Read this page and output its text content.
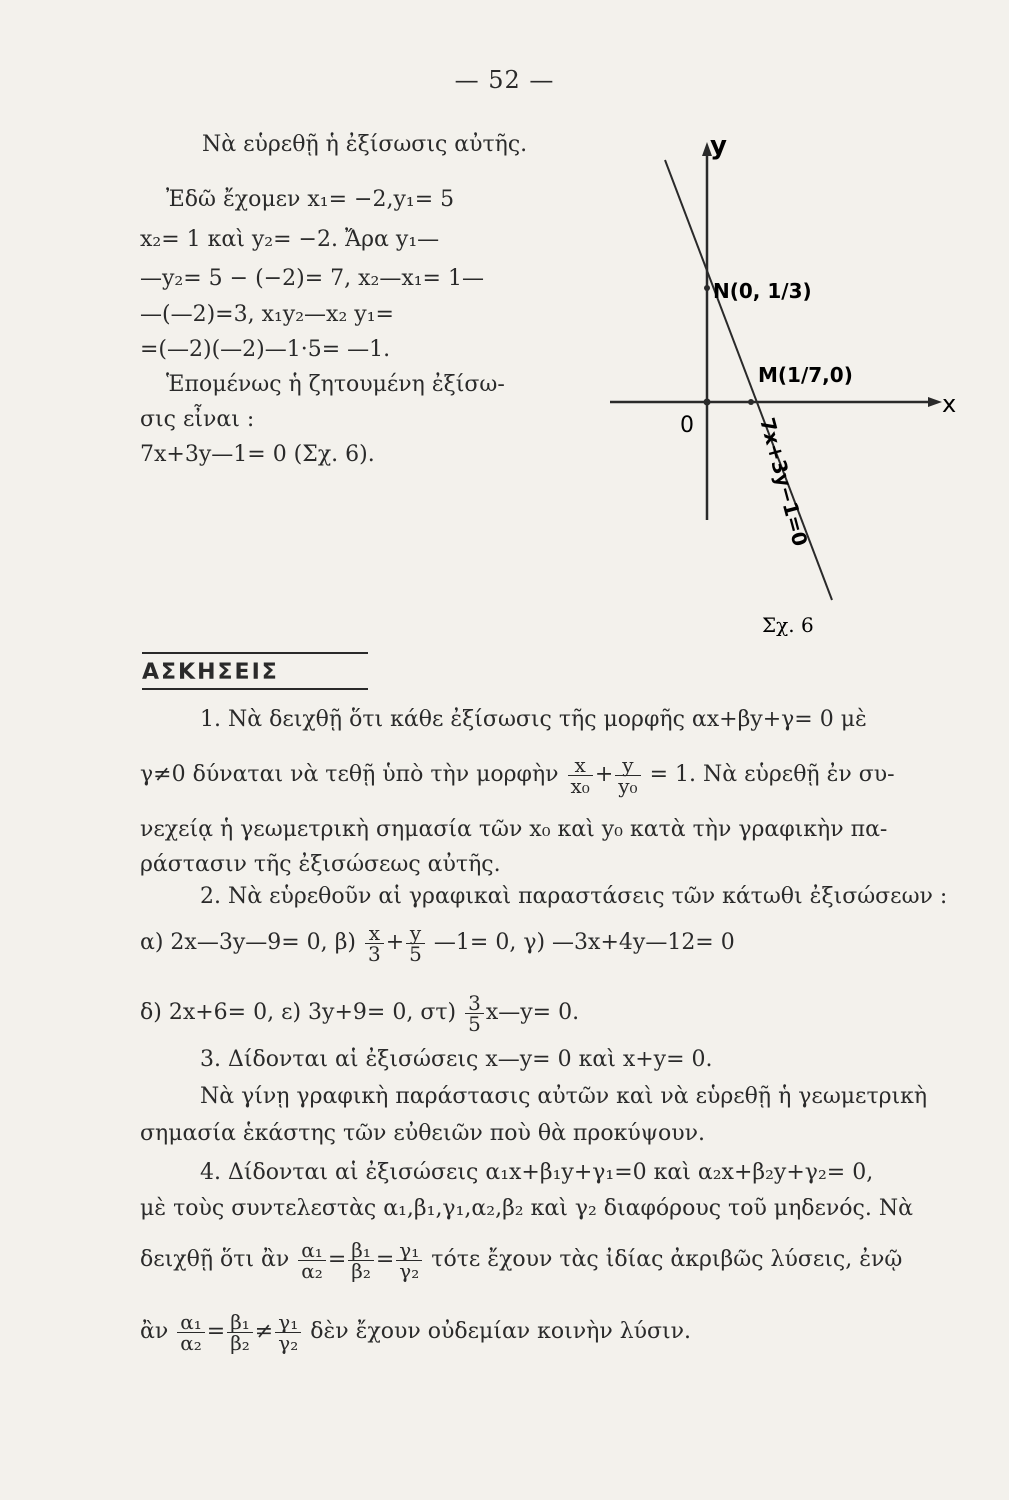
— 52 —
Νὰ εὑρεθῇ ἡ ἐξίσωσις αὐτῆς.
Ἐδῶ ἔχομεν x₁= −2,y₁= 5
x₂= 1 καὶ y₂= −2. Ἄρα y₁—
—y₂= 5 − (−2)= 7, x₂—x₁= 1—
—(—2)=3, x₁y₂—x₂ y₁=
=(—2)(—2)—1·5= —1.
Ἑπομένως ἡ ζητουμένη ἐξίσω-
σις εἶναι :
7x+3y—1= 0 (Σχ. 6).
y
x
0
N(0, 1/3)
M(1/7,0)
7x+3y−1=0
Σχ. 6
ΑΣΚΗΣΕΙΣ
1. Νὰ δειχθῇ ὅτι κάθε ἐξίσωσις τῆς μορφῆς αx+βy+γ= 0 μὲ
γ≠0 δύναται νὰ τεθῇ ὑπὸ τὴν μορφὴν $\frac{x}{\text{x₀}} + \frac{y}{\text{y₀}} = 1$. Νὰ εὑρεθῇ ἐν συ-
νεχείᾳ ἡ γεωμετρικὴ σημασία τῶν x₀ καὶ y₀ κατὰ τὴν γραφικὴν πα-
ράστασιν τῆς ἐξισώσεως αὐτῆς.
2. Νὰ εὑρεθοῦν αἱ γραφικαὶ παραστάσεις τῶν κάτωθι ἐξισώσεων :
α) 2x—3y—9= 0, $\beta) \frac{x}{3} + \frac{y}{5}$ —1= 0, γ) —3x+4y—12= 0
δ) 2x+6= 0, ε) 3y+9= 0, $\sigma\tau) \frac{3}{5}$ x—y= 0.
3. Δίδονται αἱ ἐξισώσεις x—y= 0 καὶ x+y= 0.
Νὰ γίνῃ γραφικὴ παράστασις αὐτῶν καὶ νὰ εὑρεθῇ ἡ γεωμετρικὴ
σημασία ἑκάστης τῶν εὐθειῶν ποὺ θὰ προκύψουν.
4. Δίδονται αἱ ἐξισώσεις α₁x+β₁y+γ₁=0 καὶ α₂x+β₂y+γ₂= 0,
μὲ τοὺς συντελεστὰς α₁,β₁,γ₁,α₂,β₂ καὶ γ₂ διαφόρους τοῦ μηδενός. Νὰ
δειχθῇ ὅτι ἂν $\frac{\text{α₁}}{\text{α₂}} = \frac{\text{β₁}}{\text{β₂}} = \frac{\text{γ₁}}{\text{γ₂}}$ τότε ἔχουν τὰς ἰδίας ἀκριβῶς λύσεις, ἐνῷ
ἂν $\frac{\text{α₁}}{\text{α₂}} = \frac{\text{β₁}}{\text{β₂}} \ne \frac{\text{γ₁}}{\text{γ₂}}$ δὲν ἔχουν οὐδεμίαν κοινὴν λύσιν.
